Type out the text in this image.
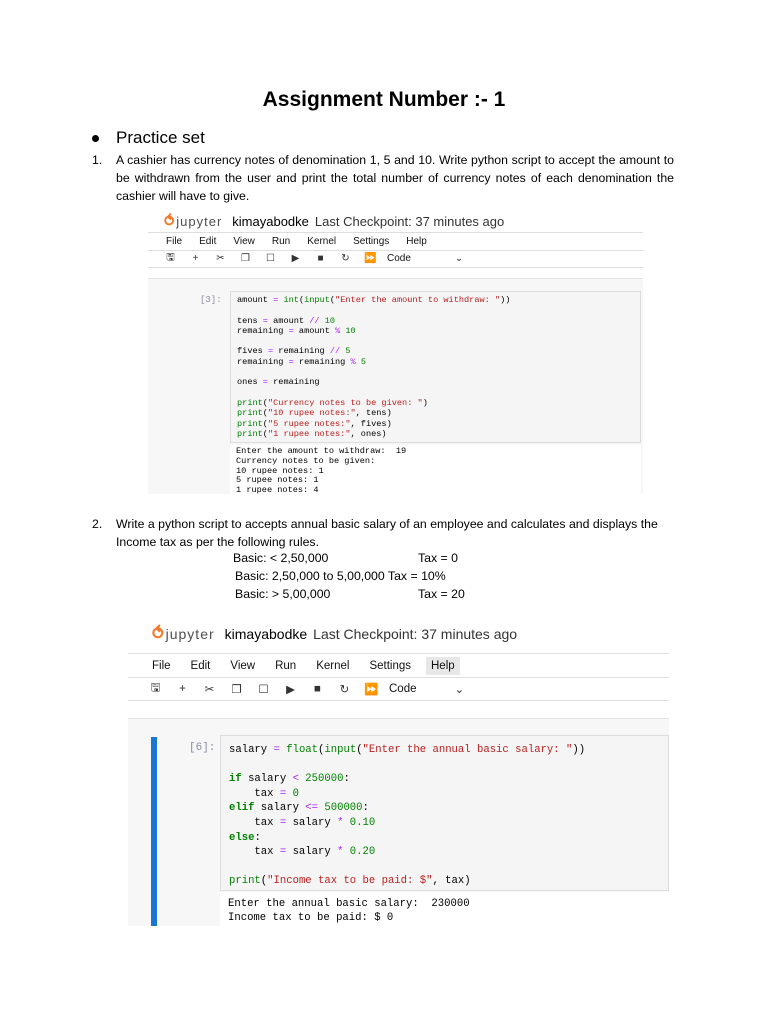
Assignment Number :- 1
Practice set
1. A cashier has currency notes of denomination 1, 5 and 10. Write python script to accept the amount to be withdrawn from the user and print the total number of currency notes of each denomination the cashier will have to give.
⥀ jupyter kimayabodke Last Checkpoint: 37 minutes ago
File Edit View Run Kernel Settings Help
🖫	+	✂	❐	☐	▶	■	↻	⏩	Code	⌄
[3]:	amount = int(input("Enter the amount to withdraw: "))

tens = amount // 10
remaining = amount % 10

fives = remaining // 5
remaining = remaining % 5

ones = remaining

print("Currency notes to be given: ")
print("10 rupee notes:", tens)
print("5 rupee notes:", fives)
print("1 rupee notes:", ones)
Enter the amount to withdraw:  19
Currency notes to be given:
10 rupee notes: 1
5 rupee notes: 1
1 rupee notes: 4
2. Write a python script to accepts annual basic salary of an employee and calculates and displays the Income tax as per the following rules.
Basic: < 2,50,000	Tax = 0
Basic: 2,50,000 to 5,00,000 Tax = 10%
Basic: > 5,00,000	Tax = 20
⥀ jupyter kimayabodke Last Checkpoint: 37 minutes ago
File Edit View Run Kernel Settings	Help
🖫	+	✂	❐	☐	▶	■	↻	⏩ Code	⌄
[6]:	salary = float(input("Enter the annual basic salary: "))

if salary < 250000:
tax = 0
elif salary <= 500000:
tax = salary * 0.10
else:
tax = salary * 0.20

print("Income tax to be paid: $", tax)
Enter the annual basic salary:  230000
Income tax to be paid: $ 0
